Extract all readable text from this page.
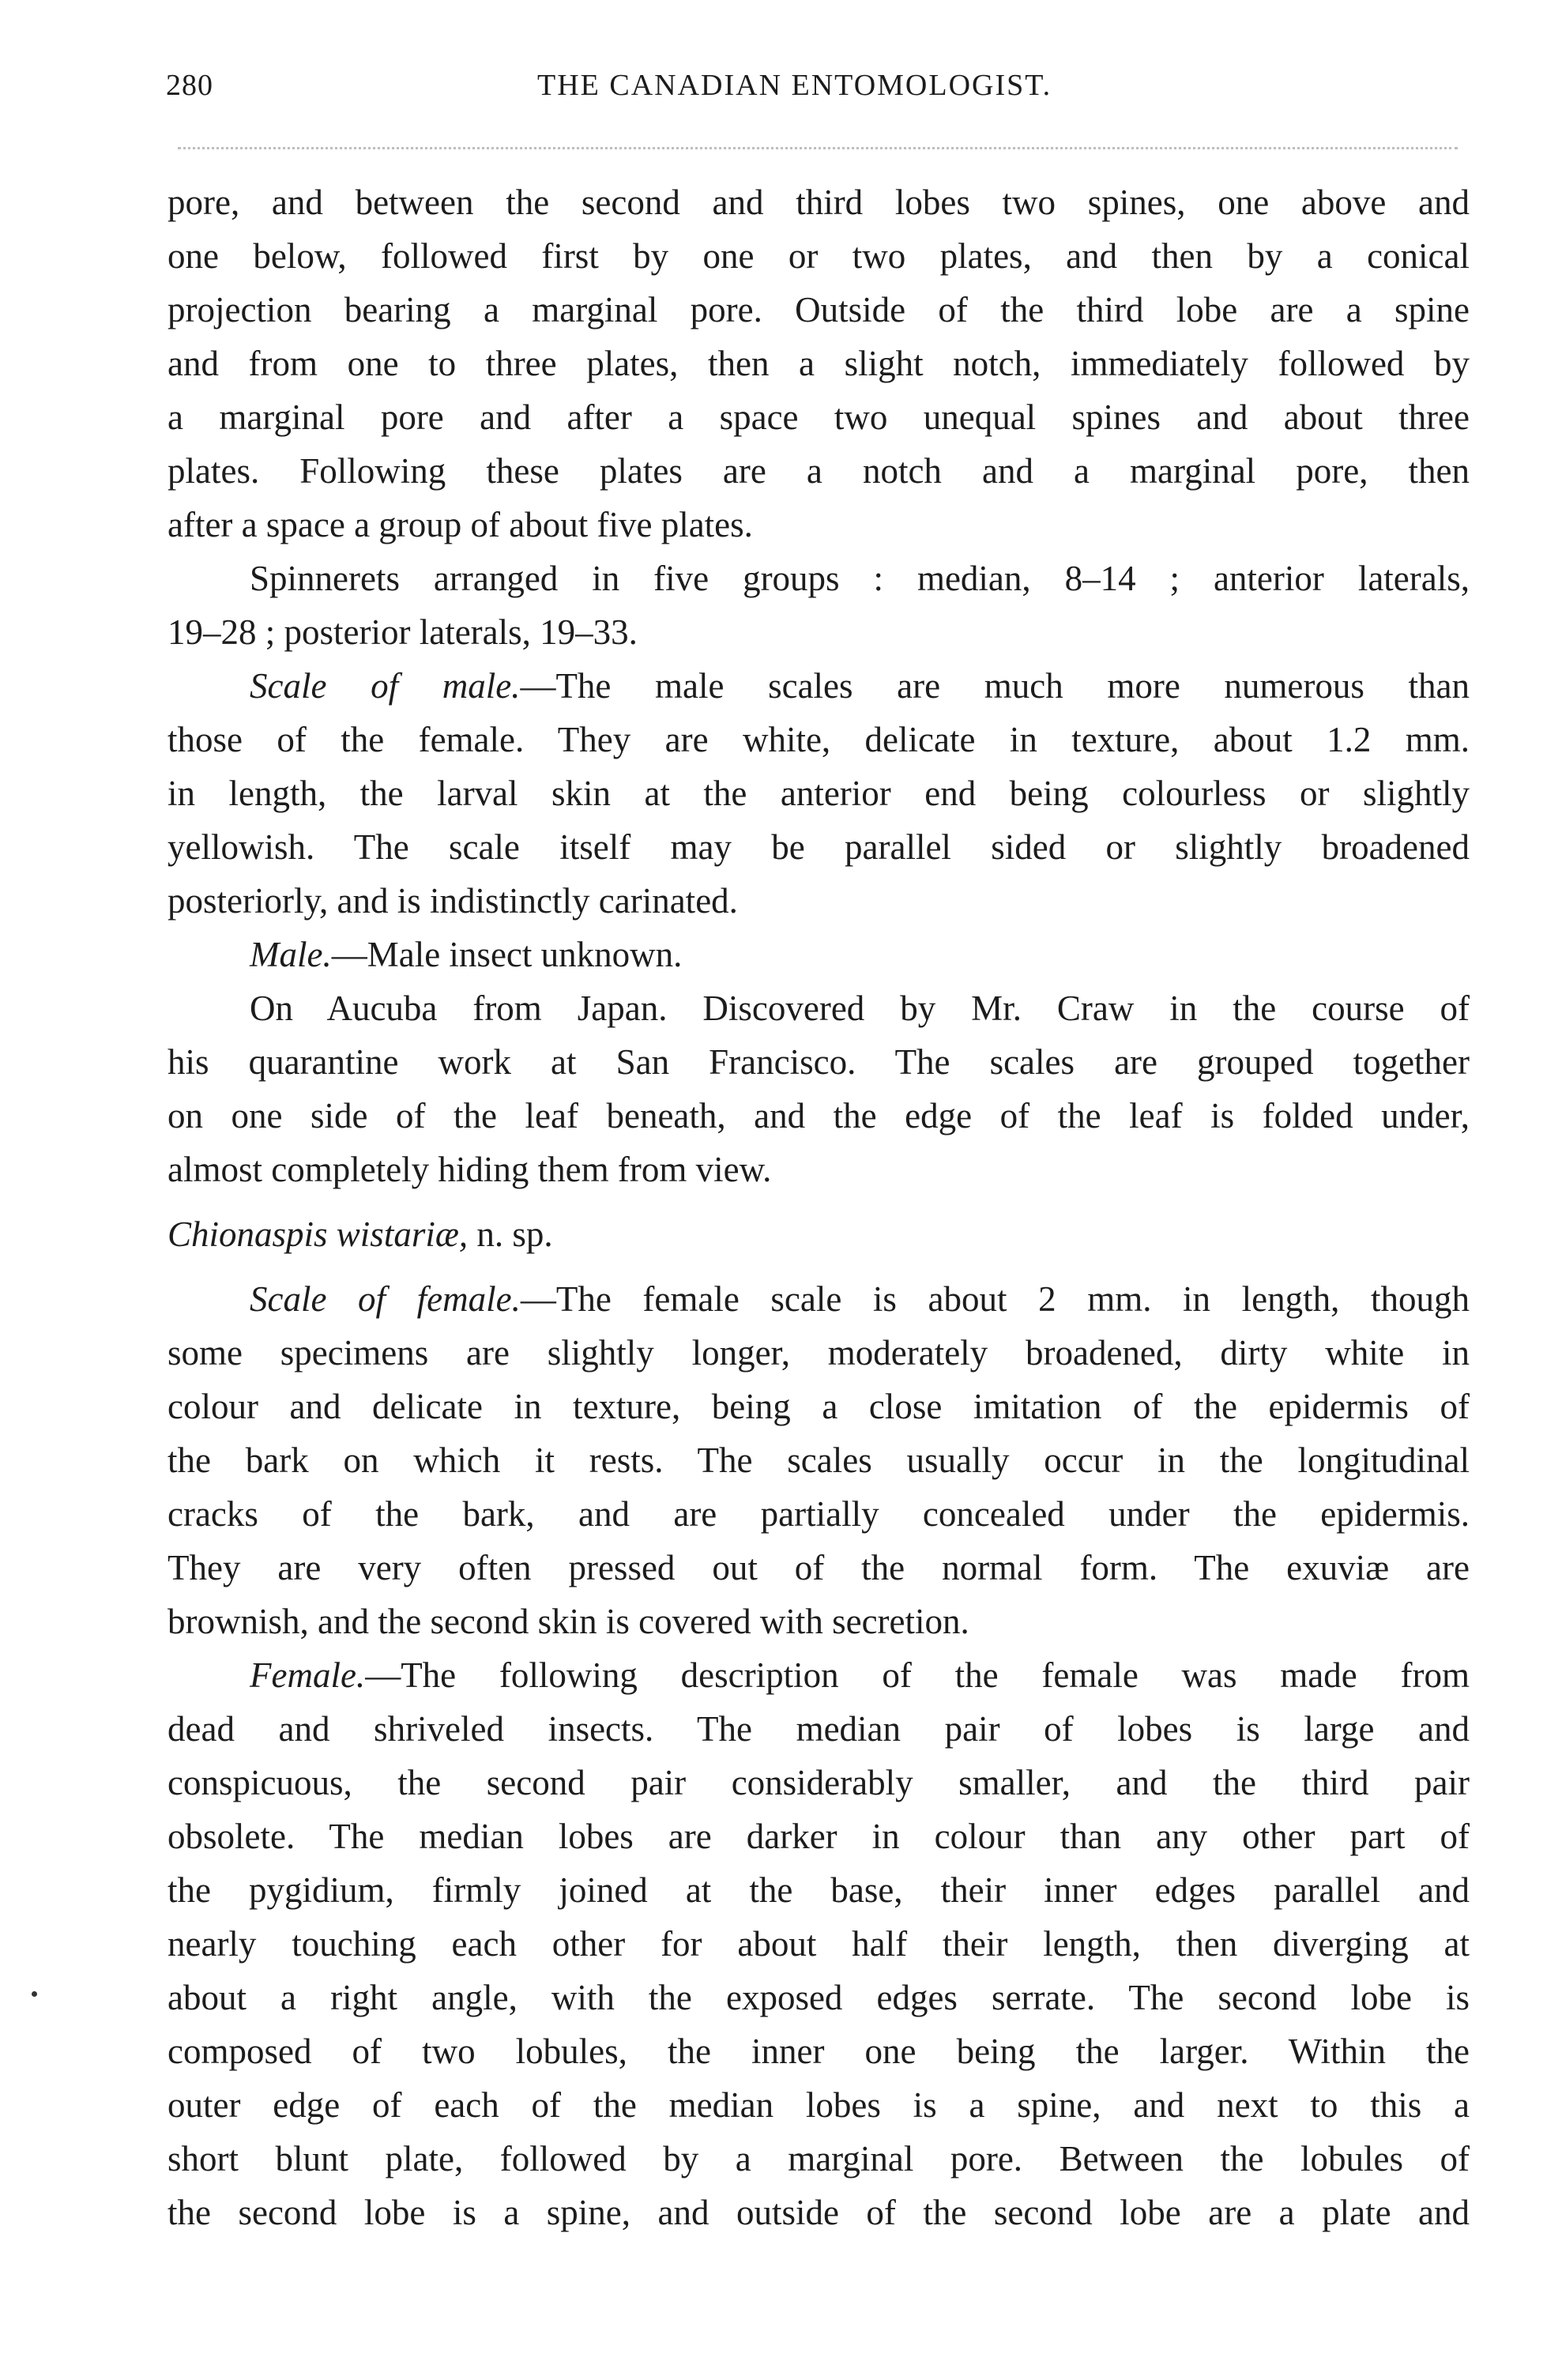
280	THE CANADIAN ENTOMOLOGIST.
pore, and between the second and third lobes two spines, one above and
one below, followed first by one or two plates, and then by a conical
projection bearing a marginal pore. Outside of the third lobe are a spine
and from one to three plates, then a slight notch, immediately followed by
a marginal pore and after a space two unequal spines and about three
plates. Following these plates are a notch and a marginal pore, then
after a space a group of about five plates.
Spinnerets arranged in five groups : median, 8–14 ; anterior laterals,
19–28 ; posterior laterals, 19–33.
Scale of male.—The male scales are much more numerous than
those of the female. They are white, delicate in texture, about 1.2 mm.
in length, the larval skin at the anterior end being colourless or slightly
yellowish. The scale itself may be parallel sided or slightly broadened
posteriorly, and is indistinctly carinated.
Male.—Male insect unknown.
On Aucuba from Japan. Discovered by Mr. Craw in the course of
his quarantine work at San Francisco. The scales are grouped together
on one side of the leaf beneath, and the edge of the leaf is folded under,
almost completely hiding them from view.
Chionaspis wistariæ, n. sp.
Scale of female.—The female scale is about 2 mm. in length, though
some specimens are slightly longer, moderately broadened, dirty white in
colour and delicate in texture, being a close imitation of the epidermis of
the bark on which it rests. The scales usually occur in the longitudinal
cracks of the bark, and are partially concealed under the epidermis.
They are very often pressed out of the normal form. The exuviæ are
brownish, and the second skin is covered with secretion.
Female.—The following description of the female was made from
dead and shriveled insects. The median pair of lobes is large and
conspicuous, the second pair considerably smaller, and the third pair
obsolete. The median lobes are darker in colour than any other part of
the pygidium, firmly joined at the base, their inner edges parallel and
nearly touching each other for about half their length, then diverging at
about a right angle, with the exposed edges serrate. The second lobe is
composed of two lobules, the inner one being the larger. Within the
outer edge of each of the median lobes is a spine, and next to this a
short blunt plate, followed by a marginal pore. Between the lobules of
the second lobe is a spine, and outside of the second lobe are a plate and
